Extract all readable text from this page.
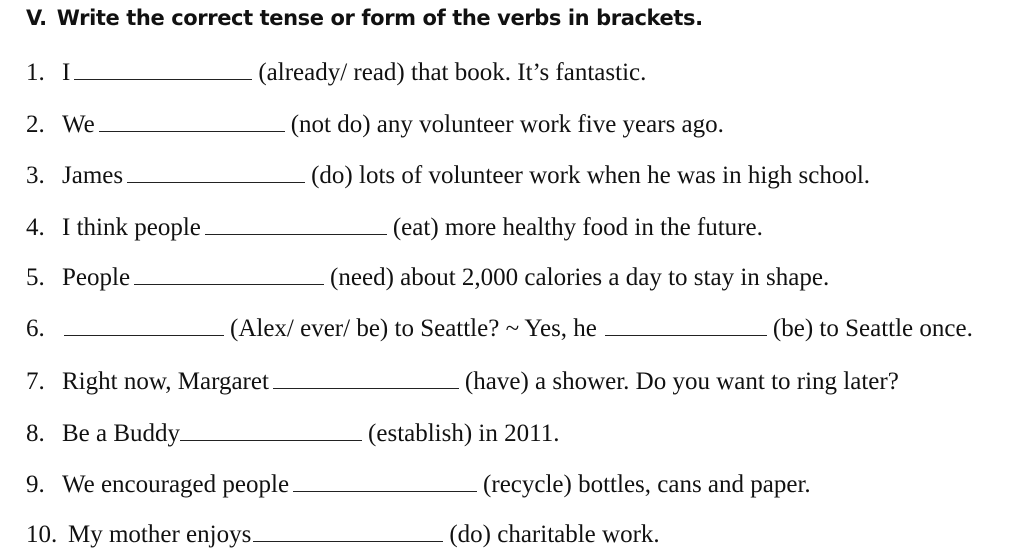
V. Write the correct tense or form of the verbs in brackets.
1. I	(already/ read) that book. It’s fantastic.
2. We	(not do) any volunteer work five years ago.
3. James	(do) lots of volunteer work when he was in high school.
4. I think people	(eat) more healthy food in the future.
5. People	(need) about 2,000 calories a day to stay in shape.
6.	(Alex/ ever/ be) to Seattle? ~ Yes, he	(be) to Seattle once.
7. Right now, Margaret	(have) a shower. Do you want to ring later?
8. Be a Buddy	(establish) in 2011.
9. We encouraged people	(recycle) bottles, cans and paper.
10. My mother enjoys	(do) charitable work.
